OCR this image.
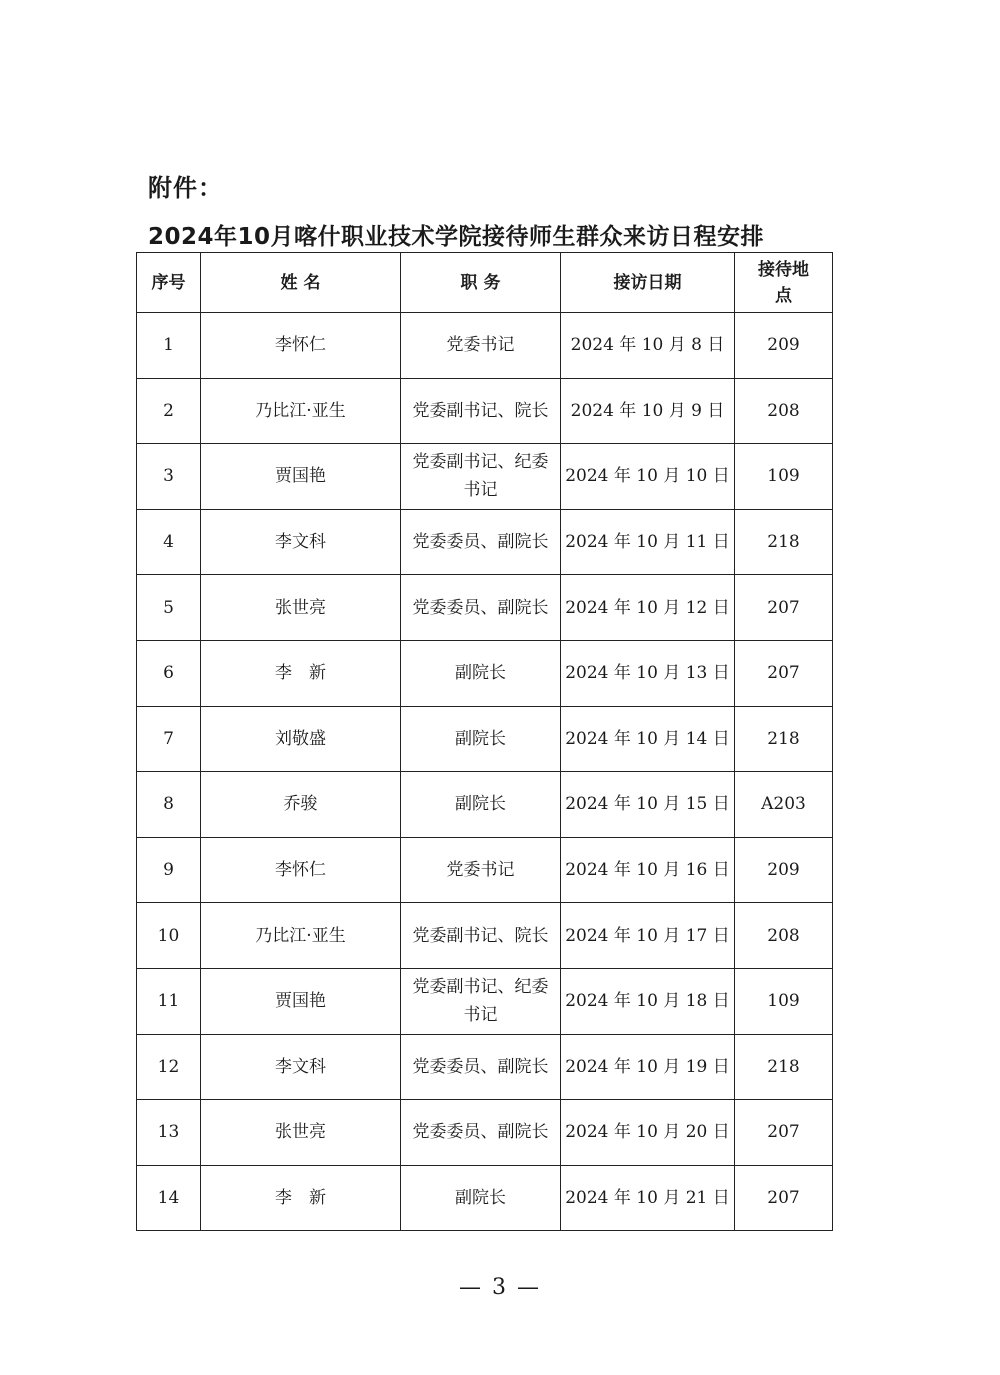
附件：
2024年10月喀什职业技术学院接待师生群众来访日程安排
序号	姓 名	职 务	接访日期	接待地点

1	李怀仁	党委书记	2024 年 10 月 8 日	209
2	乃比江·亚生	党委副书记、院长	2024 年 10 月 9 日	208
3	贾国艳	党委副书记、纪委书记	2024 年 10 月 10 日	109
4	李文科	党委委员、副院长	2024 年 10 月 11 日	218
5	张世亮	党委委员、副院长	2024 年 10 月 12 日	207
6	李　新	副院长	2024 年 10 月 13 日	207
7	刘敬盛	副院长	2024 年 10 月 14 日	218
8	乔骏	副院长	2024 年 10 月 15 日	A203
9	李怀仁	党委书记	2024 年 10 月 16 日	209
10	乃比江·亚生	党委副书记、院长	2024 年 10 月 17 日	208
11	贾国艳	党委副书记、纪委书记	2024 年 10 月 18 日	109
12	李文科	党委委员、副院长	2024 年 10 月 19 日	218
13	张世亮	党委委员、副院长	2024 年 10 月 20 日	207
14	李　新	副院长	2024 年 10 月 21 日	207
— 3 —
